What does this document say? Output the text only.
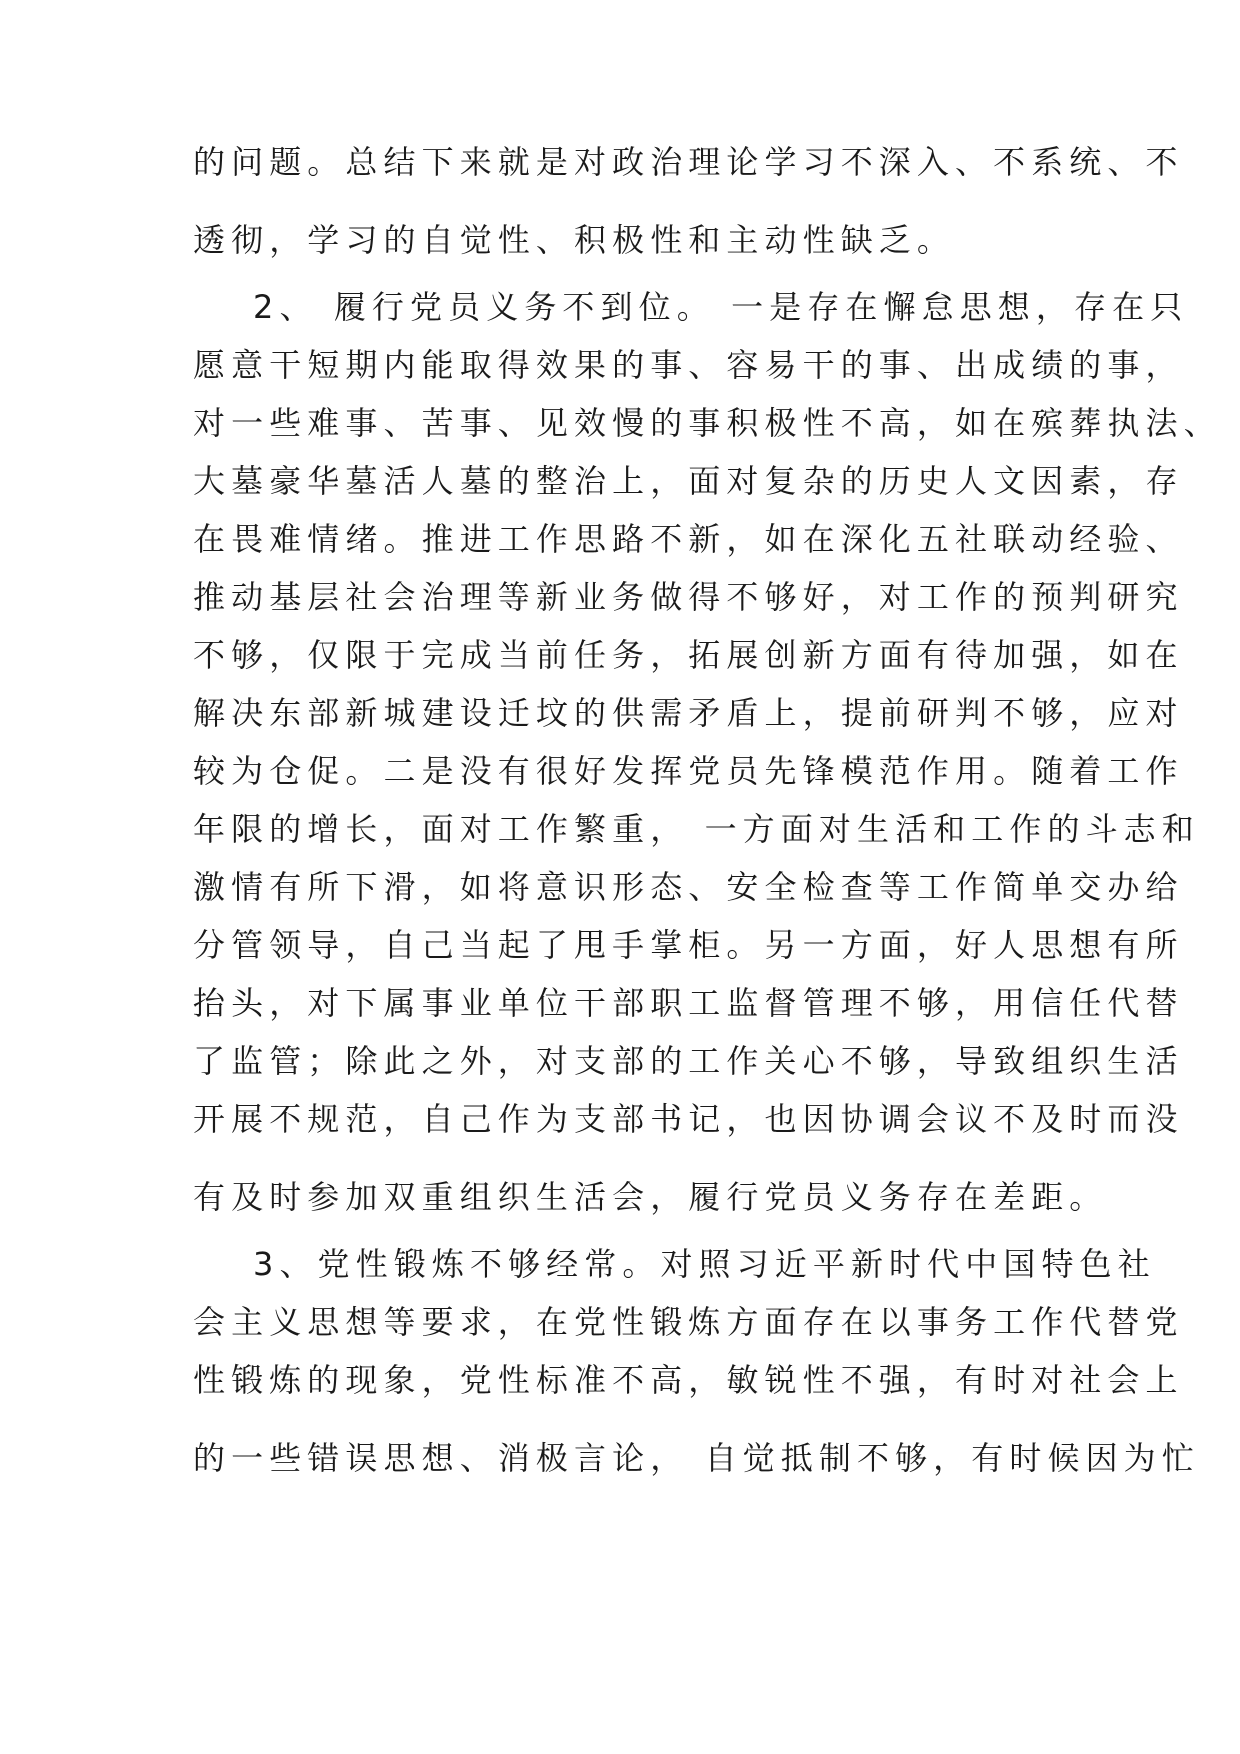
的问题。总结下来就是对政治理论学习不深入、不系统、不
透彻，学习的自觉性、积极性和主动性缺乏。
2、 履行党员义务不到位。 一是存在懈怠思想，存在只
愿意干短期内能取得效果的事、容易干的事、出成绩的事，
对一些难事、苦事、见效慢的事积极性不高，如在殡葬执法、
大墓豪华墓活人墓的整治上，面对复杂的历史人文因素，存
在畏难情绪。推进工作思路不新，如在深化五社联动经验、
推动基层社会治理等新业务做得不够好，对工作的预判研究
不够，仅限于完成当前任务，拓展创新方面有待加强，如在
解决东部新城建设迁坟的供需矛盾上，提前研判不够，应对
较为仓促。二是没有很好发挥党员先锋模范作用。随着工作
年限的增长，面对工作繁重， 一方面对生活和工作的斗志和
激情有所下滑，如将意识形态、安全检查等工作简单交办给
分管领导，自己当起了甩手掌柜。另一方面，好人思想有所
抬头，对下属事业单位干部职工监督管理不够，用信任代替
了监管；除此之外，对支部的工作关心不够，导致组织生活
开展不规范，自己作为支部书记，也因协调会议不及时而没
有及时参加双重组织生活会，履行党员义务存在差距。
3、党性锻炼不够经常。对照习近平新时代中国特色社
会主义思想等要求，在党性锻炼方面存在以事务工作代替党
性锻炼的现象，党性标准不高，敏锐性不强，有时对社会上
的一些错误思想、消极言论， 自觉抵制不够，有时候因为忙
